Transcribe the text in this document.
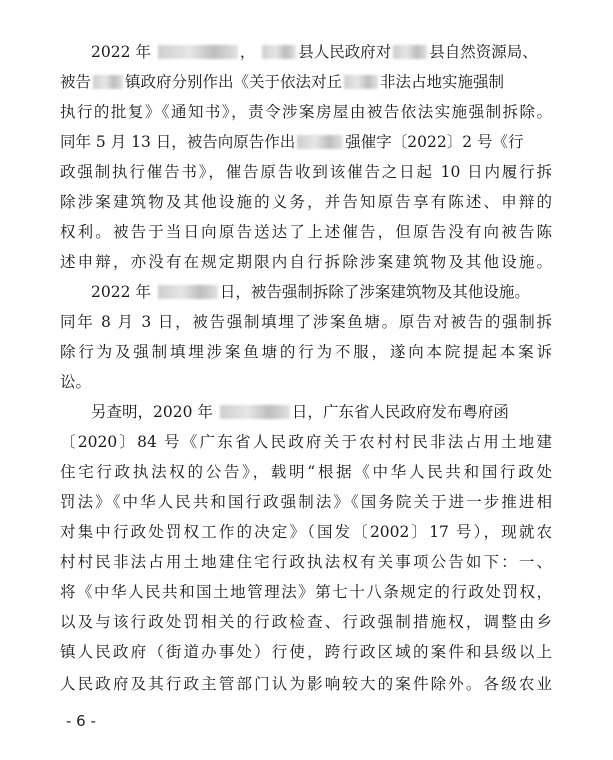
2022 年	，	县人民政府对 县自然资源局、
被告 镇政府分别作出《关于依法对丘 非法占地实施强制
执行的批复》《通知书》，责令涉案房屋由被告依法实施强制拆除。
同年 5 月 13 日，被告向原告作出	强催字〔2022〕2 号《行
政强制执行催告书》，催告原告收到该催告之日起 10 日内履行拆
除涉案建筑物及其他设施的义务，并告知原告享有陈述、申辩的
权利。被告于当日向原告送达了上述催告，但原告没有向被告陈
述申辩，亦没有在规定期限内自行拆除涉案建筑物及其他设施。
2022 年	日，被告强制拆除了涉案建筑物及其他设施。
同年 8 月 3 日，被告强制填埋了涉案鱼塘。原告对被告的强制拆
除行为及强制填埋涉案鱼塘的行为不服，遂向本院提起本案诉
讼。
另查明，2020 年	日，广东省人民政府发布粤府函
〔2020〕84 号《广东省人民政府关于农村村民非法占用土地建
住宅行政执法权的公告》，载明“根据《中华人民共和国行政处
罚法》《中华人民共和国行政强制法》《国务院关于进一步推进相
对集中行政处罚权工作的决定》（国发〔2002〕17 号），现就农
村村民非法占用土地建住宅行政执法权有关事项公告如下：一、
将《中华人民共和国土地管理法》第七十八条规定的行政处罚权，
以及与该行政处罚相关的行政检查、行政强制措施权，调整由乡
镇人民政府（街道办事处）行使，跨行政区域的案件和县级以上
- 6 -
人民政府及其行政主管部门认为影响较大的案件除外。各级农业
